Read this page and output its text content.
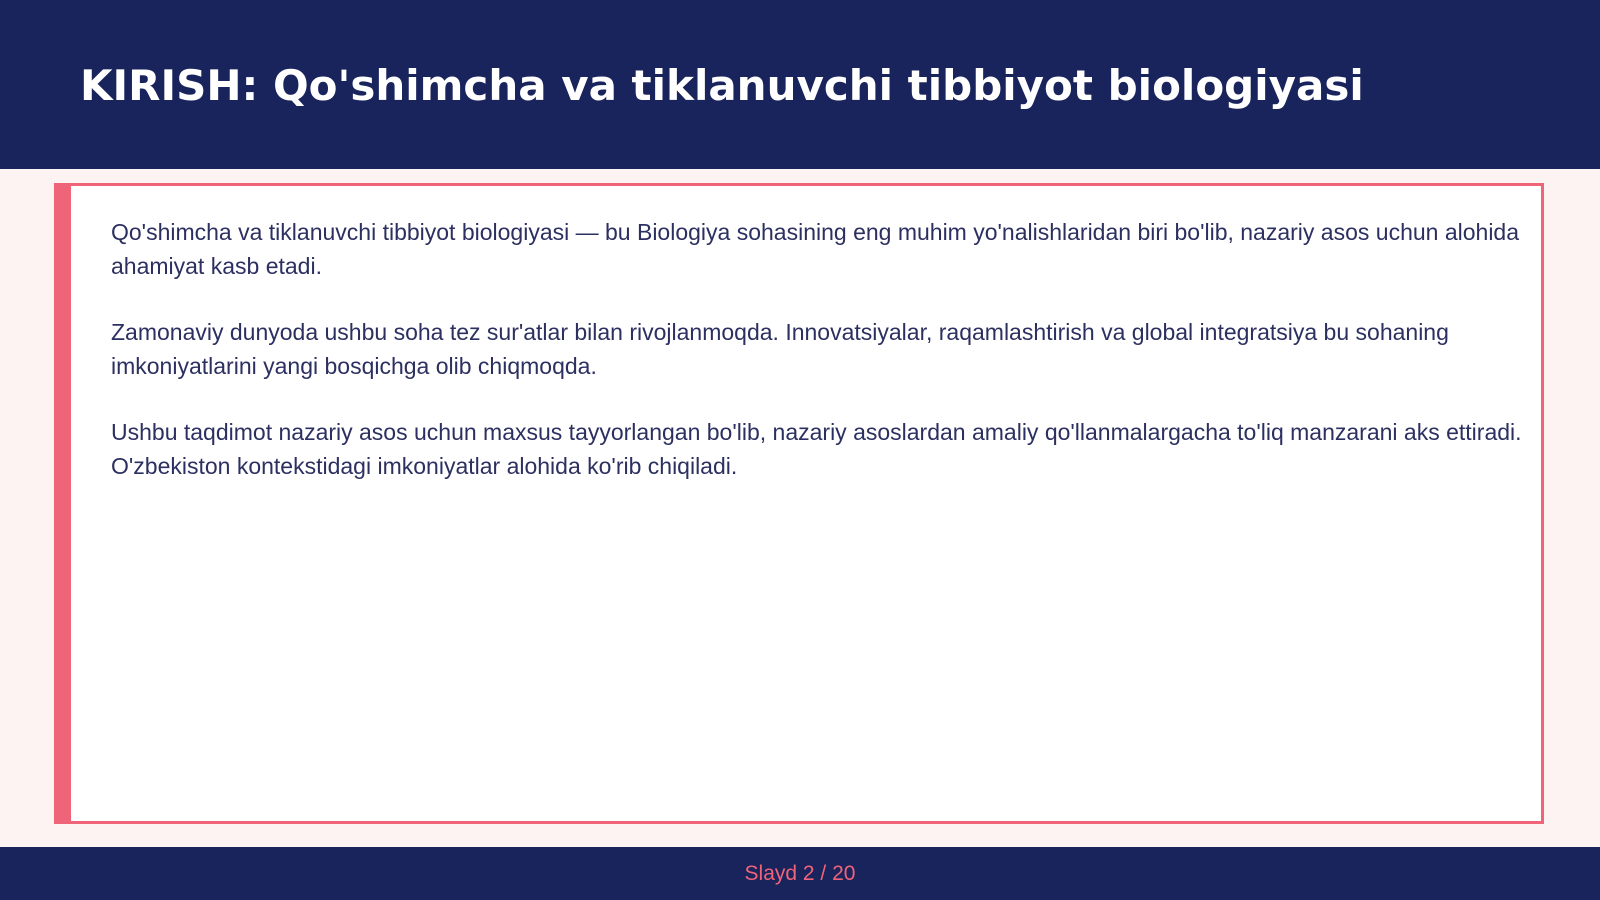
KIRISH: Qo'shimcha va tiklanuvchi tibbiyot biologiyasi

Qo'shimcha va tiklanuvchi tibbiyot biologiyasi — bu Biologiya sohasining eng muhim yo'nalishlaridan biri bo'lib, nazariy asos uchun alohida ahamiyat kasb etadi.

Zamonaviy dunyoda ushbu soha tez sur'atlar bilan rivojlanmoqda. Innovatsiyalar, raqamlashtirish va global integratsiya bu sohaning imkoniyatlarini yangi bosqichga olib chiqmoqda.

Ushbu taqdimot nazariy asos uchun maxsus tayyorlangan bo'lib, nazariy asoslardan amaliy qo'llanmalargacha to'liq manzarani aks ettiradi. O'zbekiston kontekstidagi imkoniyatlar alohida ko'rib chiqiladi.

Slayd 2 / 20
